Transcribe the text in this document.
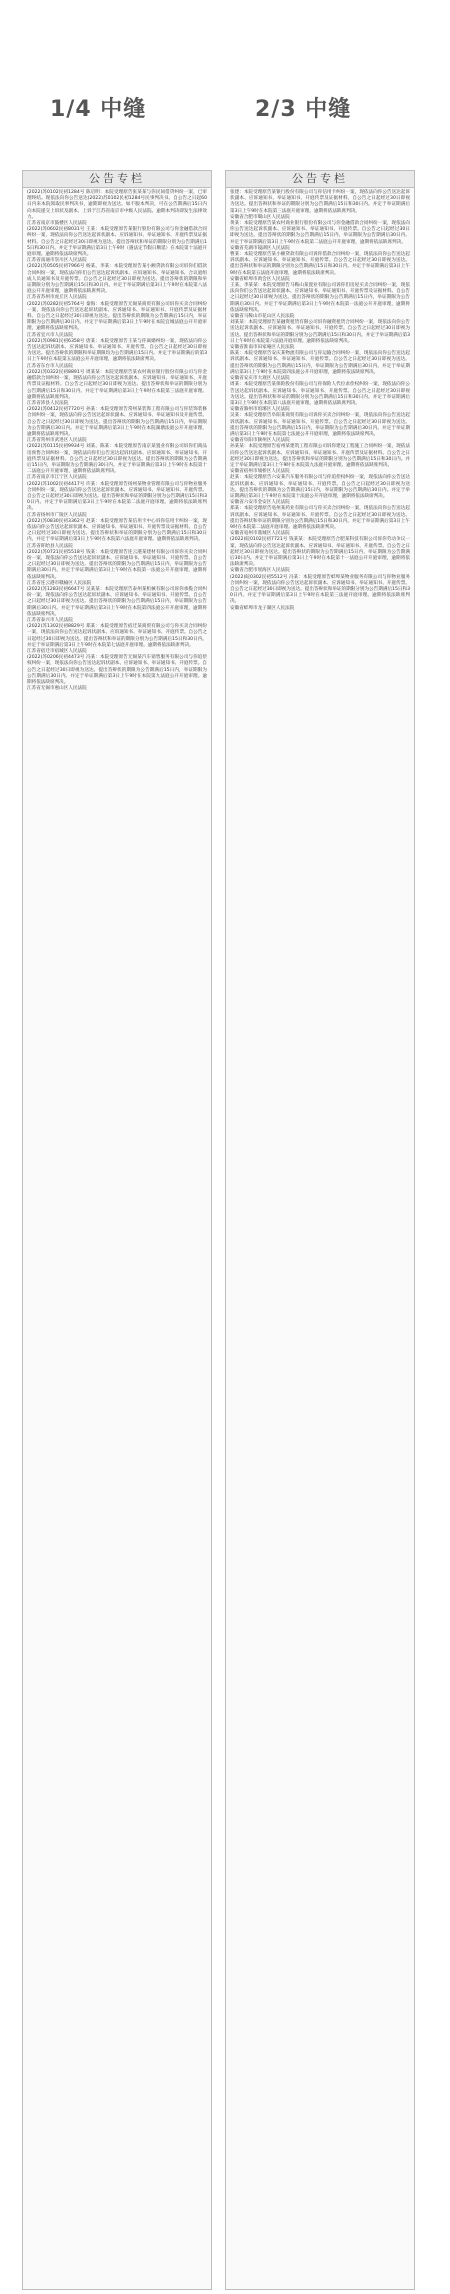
1/4 中缝	2/3 中缝
公告专栏

(2022)苏0102民初1284号 陈启明：本院受理原告张某某与你民间借贷纠纷一案，已审理终结。现依法向你公告送达(2022)苏0102民初1284号民事判决书。自公告之日起60日内来本院领取民事判决书，逾期即视为送达。如不服本判决，可在公告期满后15日内向本院递交上诉状及副本，上诉于江苏省南京市中级人民法院。逾期本判决即发生法律效力。
江苏省南京市鼓楼区人民法院
(2022)苏0602民初8031号 王某：本院受理原告某银行股份有限公司与你金融借款合同纠纷一案，现依法向你公告送达起诉状副本、应诉通知书、举证通知书、开庭传票及证据材料。自公告之日起经过30日即视为送达。提出答辩状和举证的期限分别为公告期满后15日和30日内。并定于举证期满后第3日上午9时（遇法定节假日顺延）在本院第十法庭开庭审理。逾期将依法缺席判决。
江苏省南通市崇川区人民法院
(2022)苏0505民初7966号 杨某、李某：本院受理原告某小额贷款有限公司诉你们借款合同纠纷一案，现依法向你们公告送达起诉状副本、应诉通知书、举证通知书、合议庭组成人员通知书及开庭传票。自公告之日起经过30日即视为送达。提出答辩状的期限和举证期限分别为公告期满后15日和30日内。并定于举证期满后第3日上午9时在本院第八法庭公开开庭审理，逾期将依法缺席判决。
江苏省苏州市虎丘区人民法院
(2022)苏0282民初5764号 秦海：本院受理原告无锡某商贸有限公司诉你买卖合同纠纷一案，现依法向你公告送达起诉状副本、应诉通知书、举证通知书、开庭传票及证据材料。自公告之日起经过30日即视为送达。提出答辩状的期限为公告期满后15日内，举证期限为公告期满后30日内。并定于举证期满后第3日上午9时在本院宜城法庭公开开庭审理，逾期将依法缺席判决。
江苏省宜兴市人民法院
(2022)苏0981民初6358号 唐某：本院受理原告王某与你离婚纠纷一案，现依法向你公告送达起诉状副本、应诉通知书、举证通知书、开庭传票。自公告之日起经过30日即视为送达。提出答辩状的期限和举证期限均为公告期满后15日内。并定于举证期满后的第3日上午9时在本院第五法庭公开开庭审理，逾期将依法缺席判决。
江苏省东台市人民法院
(2022)苏0322民初8891号 周某某：本院受理原告某农村商业银行股份有限公司与你金融借款合同纠纷一案，现依法向你公告送达起诉状副本、应诉通知书、举证通知书、开庭传票及证据材料。自公告之日起经过30日即视为送达。提出答辩状和举证的期限分别为公告期满后15日和30日内。并定于举证期满后第3日上午9时在本院第三法庭开庭审理。逾期将依法缺席判决。
江苏省沛县人民法院
(2022)苏0412民初7720号 孙某：本院受理原告常州某装饰工程有限公司与你装饰装修合同纠纷一案，现依法向你公告送达起诉状副本、应诉通知书、举证通知书及开庭传票。自公告之日起经过30日即视为送达。提出答辩状的期限为公告期满后15日内，举证期限为公告期满后30日内。并定于举证期满后第3日上午9时在本院湖塘法庭公开开庭审理，逾期将依法缺席判决。
江苏省常州市武进区人民法院
(2022)苏0115民初9934号 刘某、陈某：本院受理原告南京某置业有限公司诉你们商品房预售合同纠纷一案，现依法向你们公告送达起诉状副本、应诉通知书、举证通知书、开庭传票及证据材料。自公告之日起经过30日即视为送达。提出答辩状的期限为公告期满后15日内，举证期限为公告期满后30日内。并定于举证期满后第3日上午9时在本院第十二法庭公开开庭审理，逾期将依法缺席判决。
江苏省南京市江宁区人民法院
(2022)苏1002民初4417号 许某：本院受理原告扬州某物业管理有限公司与你物业服务合同纠纷一案，现依法向你公告送达起诉状副本、应诉通知书、举证通知书、开庭传票。自公告之日起经过30日即视为送达。提出答辩状和举证的期限分别为公告期满后15日和30日内。并定于举证期满后第3日上午9时在本院第二法庭开庭审理。逾期将依法缺席判决。
江苏省扬州市广陵区人民法院
(2022)苏0830民初3362号 赵某：本院受理原告某信用卡中心诉你信用卡纠纷一案，现依法向你公告送达起诉状副本、应诉通知书、举证通知书、开庭传票及证据材料。自公告之日起经过30日即视为送达。提出答辩状和举证的期限分别为公告期满后15日和30日内。并定于举证期满后第3日上午9时在本院第六法庭开庭审理。逾期将依法缺席判决。
江苏省盱眙县人民法院
(2022)苏0721民初5518号 钱某：本院受理原告连云港某建材有限公司诉你买卖合同纠纷一案，现依法向你公告送达起诉状副本、应诉通知书、举证通知书、开庭传票。自公告之日起经过30日即视为送达。提出答辩状的期限为公告期满后15日内，举证期限为公告期满后30日内。并定于举证期满后第3日上午9时在本院第一法庭公开开庭审理，逾期将依法缺席判决。
江苏省连云港市赣榆区人民法院
(2022)苏1283民初6647号 吴某某：本院受理原告泰州某机械有限公司诉你承揽合同纠纷一案，现依法向你公告送达起诉状副本、应诉通知书、举证通知书、开庭传票。自公告之日起经过30日即视为送达。提出答辩状的期限为公告期满后15日内，举证期限为公告期满后30日内。并定于举证期满后第3日上午9时在本院第四法庭公开开庭审理，逾期将依法缺席判决。
江苏省泰兴市人民法院
(2022)苏1302民初8829号 郑某：本院受理原告宿迁某商贸有限公司与你买卖合同纠纷一案，现依法向你公告送达起诉状副本、应诉通知书、举证通知书、开庭传票。自公告之日起经过30日即视为送达。提出答辩状和举证的期限分别为公告期满后15日和30日内。并定于举证期满后第3日上午9时在本院第七法庭开庭审理。逾期将依法缺席判决。
江苏省宿迁市宿城区人民法院
(2022)苏0206民初4473号 冯某：本院受理原告无锡某汽车销售服务有限公司与你追偿权纠纷一案，现依法向你公告送达起诉状副本、应诉通知书、举证通知书、开庭传票。自公告之日起经过30日即视为送达。提出答辩状的期限为公告期满后15日内，举证期限为公告期满后30日内。并定于举证期满后第3日上午9时在本院第九法庭公开开庭审理。逾期将依法缺席判决。
江苏省无锡市惠山区人民法院

公告专栏

张建：本院受理原告某银行股份有限公司与你信用卡纠纷一案，现依法向你公告送达起诉状副本、应诉通知书、举证通知书、开庭传票及证据材料。自公告之日起经过30日即视为送达。提出答辩状和举证的期限分别为公告期满后15日和30日内。并定于举证期满后第3日上午9时在本院第三法庭开庭审理。逾期将依法缺席判决。
安徽省合肥市蜀山区人民法院
黄某：本院受理原告某农村商业银行股份有限公司与你金融借款合同纠纷一案，现依法向你公告送达起诉状副本、应诉通知书、举证通知书、开庭传票。自公告之日起经过30日即视为送达。提出答辩状的期限为公告期满后15日内，举证期限为公告期满后30日内。并定于举证期满后第3日上午9时在本院第二法庭公开开庭审理，逾期将依法缺席判决。
安徽省芜湖市镜湖区人民法院
曹某：本院受理原告某小额贷款有限公司诉你借款合同纠纷一案，现依法向你公告送达起诉状副本、应诉通知书、举证通知书、开庭传票。自公告之日起经过30日即视为送达。提出答辩状和举证的期限分别为公告期满后15日和30日内。并定于举证期满后第3日上午9时在本院第五法庭开庭审理，逾期将依法缺席判决。
安徽省蚌埠市禹会区人民法院
王某、李某某：本院受理原告马鞍山某置业有限公司诉你们房屋买卖合同纠纷一案，现依法向你们公告送达起诉状副本、应诉通知书、举证通知书、开庭传票及证据材料。自公告之日起经过30日即视为送达。提出答辩状的期限为公告期满后15日内，举证期限为公告期满后30日内。并定于举证期满后第3日上午9时在本院第一法庭公开开庭审理，逾期将依法缺席判决。
安徽省马鞍山市花山区人民法院
刘某某：本院受理原告某融资租赁有限公司诉你融资租赁合同纠纷一案，现依法向你公告送达起诉状副本、应诉通知书、举证通知书、开庭传票。自公告之日起经过30日即视为送达。提出答辩状和举证的期限分别为公告期满后15日和30日内。并定于举证期满后第3日上午9时在本院第六法庭开庭审理。逾期将依法缺席判决。
安徽省淮南市田家庵区人民法院
陈某：本院受理原告安庆某物流有限公司与你运输合同纠纷一案，现依法向你公告送达起诉状副本、应诉通知书、举证通知书、开庭传票。自公告之日起经过30日即视为送达。提出答辩状的期限为公告期满后15日内，举证期限为公告期满后30日内。并定于举证期满后第3日上午9时在本院第四法庭公开开庭审理，逾期将依法缺席判决。
安徽省安庆市大观区人民法院
周某：本院受理原告某保险股份有限公司与你保险人代位求偿权纠纷一案，现依法向你公告送达起诉状副本、应诉通知书、举证通知书、开庭传票。自公告之日起经过30日即视为送达。提出答辩状和举证的期限分别为公告期满后15日和30日内。并定于举证期满后第3日上午9时在本院第八法庭开庭审理。逾期将依法缺席判决。
安徽省滁州市琅琊区人民法院
吴某：本院受理原告阜阳某商贸有限公司诉你买卖合同纠纷一案，现依法向你公告送达起诉状副本、应诉通知书、举证通知书、开庭传票。自公告之日起经过30日即视为送达。提出答辩状的期限为公告期满后15日内，举证期限为公告期满后30日内。并定于举证期满后第3日上午9时在本院第七法庭公开开庭审理，逾期将依法缺席判决。
安徽省阜阳市颍州区人民法院
孙某某：本院受理原告宿州某建筑工程有限公司诉你建设工程施工合同纠纷一案，现依法向你公告送达起诉状副本、应诉通知书、举证通知书、开庭传票及证据材料。自公告之日起经过30日即视为送达。提出答辩状和举证的期限分别为公告期满后15日和30日内。并定于举证期满后第3日上午9时在本院第九法庭开庭审理。逾期将依法缺席判决。
安徽省宿州市埇桥区人民法院
赵某：本院受理原告六安某汽车服务有限公司与你追偿权纠纷一案，现依法向你公告送达起诉状副本、应诉通知书、举证通知书、开庭传票。自公告之日起经过30日即视为送达。提出答辩状的期限为公告期满后15日内，举证期限为公告期满后30日内。并定于举证期满后第3日上午9时在本院第十法庭公开开庭审理，逾期将依法缺席判决。
安徽省六安市金安区人民法院
郑某：本院受理原告亳州某药业有限公司与你买卖合同纠纷一案，现依法向你公告送达起诉状副本、应诉通知书、举证通知书、开庭传票。自公告之日起经过30日即视为送达。提出答辩状和举证的期限分别为公告期满后15日和30日内。并定于举证期满后第3日上午9时在本院第二法庭开庭审理。逾期将依法缺席判决。
安徽省亳州市谯城区人民法院
(2022)皖0102民初7721号 钱某某：本院受理原告合肥某科技有限公司诉你劳动争议一案，现依法向你公告送达起诉状副本、应诉通知书、举证通知书、开庭传票。自公告之日起经过30日即视为送达。提出答辩状的期限为公告期满后15日内，举证期限为公告期满后30日内。并定于举证期满后第3日上午9时在本院第十一法庭公开开庭审理，逾期将依法缺席判决。
安徽省合肥市瑶海区人民法院
(2022)皖0302民初5512号 冯某：本院受理原告蚌埠某物业服务有限公司与你物业服务合同纠纷一案，现依法向你公告送达起诉状副本、应诉通知书、举证通知书、开庭传票。自公告之日起经过30日即视为送达。提出答辩状和举证的期限分别为公告期满后15日和30日内。并定于举证期满后第3日上午9时在本院第三法庭开庭审理。逾期将依法缺席判决。
安徽省蚌埠市龙子湖区人民法院
